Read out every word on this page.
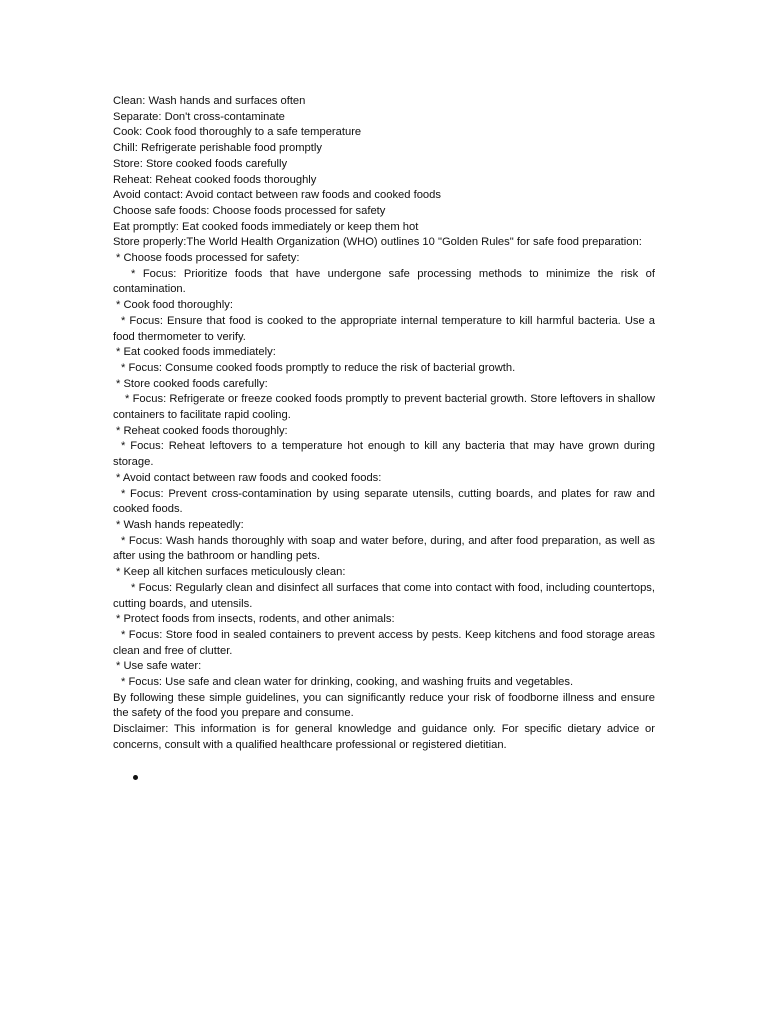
Clean: Wash hands and surfaces often

Separate: Don't cross-contaminate

Cook: Cook food thoroughly to a safe temperature

Chill: Refrigerate perishable food promptly

Store: Store cooked foods carefully

Reheat: Reheat cooked foods thoroughly

Avoid contact: Avoid contact between raw foods and cooked foods

Choose safe foods: Choose foods processed for safety

Eat promptly: Eat cooked foods immediately or keep them hot

Store properly:The World Health Organization (WHO) outlines 10 "Golden Rules" for safe food preparation:

* Choose foods processed for safety:

* Focus: Prioritize foods that have undergone safe processing methods to minimize the risk of contamination.

* Cook food thoroughly:

* Focus: Ensure that food is cooked to the appropriate internal temperature to kill harmful bacteria. Use a food thermometer to verify.

* Eat cooked foods immediately:

* Focus: Consume cooked foods promptly to reduce the risk of bacterial growth.

* Store cooked foods carefully:

* Focus: Refrigerate or freeze cooked foods promptly to prevent bacterial growth. Store leftovers in shallow containers to facilitate rapid cooling.

* Reheat cooked foods thoroughly:

* Focus: Reheat leftovers to a temperature hot enough to kill any bacteria that may have grown during storage.

* Avoid contact between raw foods and cooked foods:

* Focus: Prevent cross-contamination by using separate utensils, cutting boards, and plates for raw and cooked foods.

* Wash hands repeatedly:

* Focus: Wash hands thoroughly with soap and water before, during, and after food preparation, as well as after using the bathroom or handling pets.

* Keep all kitchen surfaces meticulously clean:

* Focus: Regularly clean and disinfect all surfaces that come into contact with food, including countertops, cutting boards, and utensils.

* Protect foods from insects, rodents, and other animals:

* Focus: Store food in sealed containers to prevent access by pests. Keep kitchens and food storage areas clean and free of clutter.

* Use safe water:

* Focus: Use safe and clean water for drinking, cooking, and washing fruits and vegetables.

By following these simple guidelines, you can significantly reduce your risk of foodborne illness and ensure the safety of the food you prepare and consume.

Disclaimer: This information is for general knowledge and guidance only. For specific dietary advice or concerns, consult with a qualified healthcare professional or registered dietitian.
